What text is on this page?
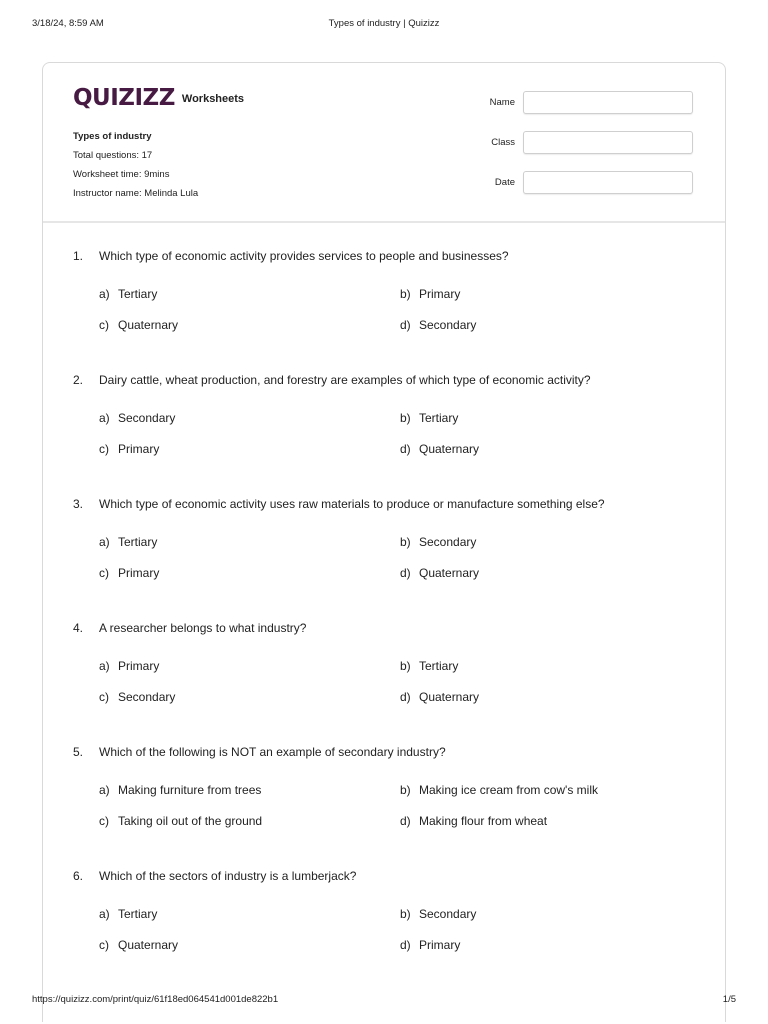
3/18/24, 8:59 AM	Types of industry | Quizizz
QUIZIZZ Worksheets
Types of industry
Total questions: 17
Worksheet time: 9mins
Instructor name: Melinda Lula
Name
Class
Date
1.	Which type of economic activity provides services to people and businesses?
a) Tertiary	b) Primary
c) Quaternary	d) Secondary
2.	Dairy cattle, wheat production, and forestry are examples of which type of economic activity?
a) Secondary	b) Tertiary
c) Primary	d) Quaternary
3.	Which type of economic activity uses raw materials to produce or manufacture something else?
a) Tertiary	b) Secondary
c) Primary	d) Quaternary
4.	A researcher belongs to what industry?
a) Primary	b) Tertiary
c) Secondary	d) Quaternary
5.	Which of the following is NOT an example of secondary industry?
a) Making furniture from trees	b) Making ice cream from cow's milk
c) Taking oil out of the ground	d) Making flour from wheat
6.	Which of the sectors of industry is a lumberjack?
a) Tertiary	b) Secondary
c) Quaternary	d) Primary
https://quizizz.com/print/quiz/61f18ed064541d001de822b1	1/5
